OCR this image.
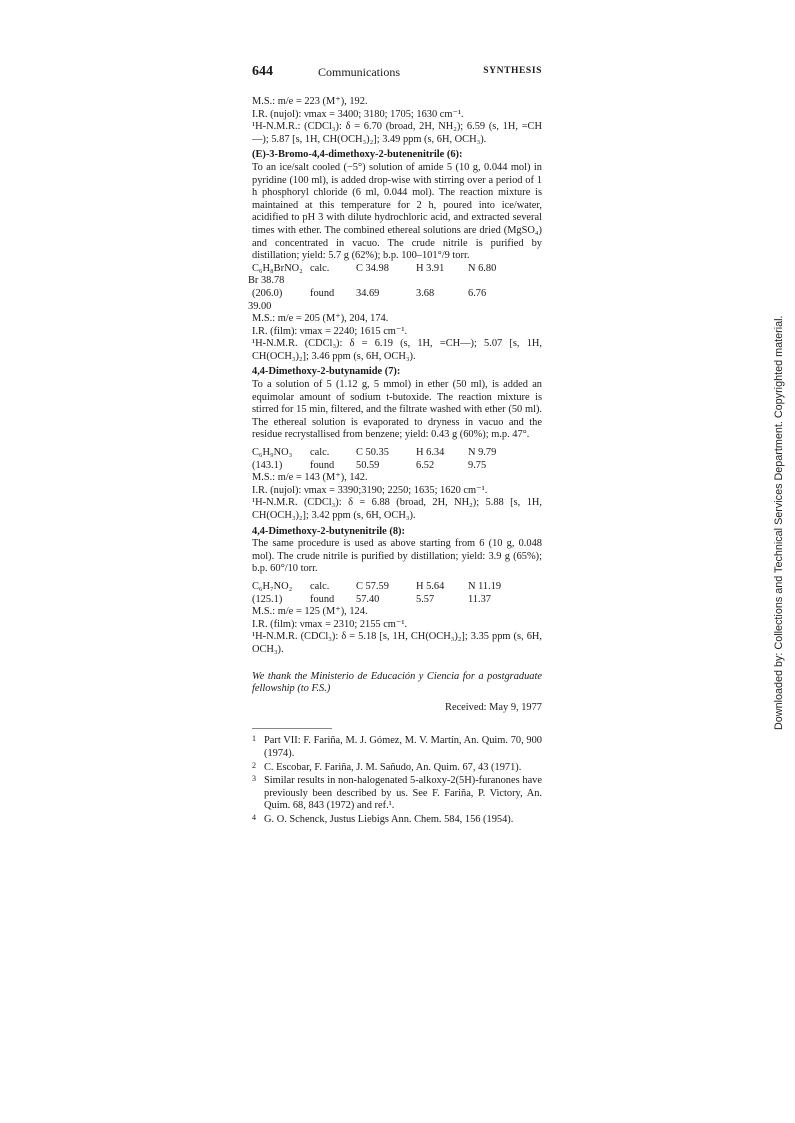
644	Communications	SYNTHESIS

M.S.: m/e = 223 (M⁺), 192.

I.R. (nujol): νmax = 3400; 3180; 1705; 1630 cm⁻¹.

¹H-N.M.R.: (CDCl₃): δ = 6.70 (broad, 2H, NH₂); 6.59 (s, 1H, =CH—); 5.87 [s, 1H, CH(OCH₃)₂]; 3.49 ppm (s, 6H, OCH₃).

(E)-3-Bromo-4,4-dimethoxy-2-butenenitrile (6):

To an ice/salt cooled (−5°) solution of amide 5 (10 g, 0.044 mol) in pyridine (100 ml), is added drop-wise with stirring over a period of 1 h phosphoryl chloride (6 ml, 0.044 mol). The reaction mixture is maintained at this temperature for 2 h, poured into ice/water, acidified to pH 3 with dilute hydrochloric acid, and extracted several times with ether. The combined ethereal solutions are dried (MgSO₄) and concentrated in vacuo. The crude nitrile is purified by distillation; yield: 5.7 g (62%); b.p. 100–101°/9 torr.

C₆H₈BrNO₂ calc.	C 34.98	H 3.91	N 6.80
Br 38.78
(206.0)	found	34.69	3.68	6.76
39.00

M.S.: m/e = 205 (M⁺), 204, 174.

I.R. (film): νmax = 2240; 1615 cm⁻¹.

¹H-N.M.R. (CDCl₃): δ = 6.19 (s, 1H, =CH—); 5.07 [s, 1H, CH(OCH₃)₂]; 3.46 ppm (s, 6H, OCH₃).

4,4-Dimethoxy-2-butynamide (7):

To a solution of 5 (1.12 g, 5 mmol) in ether (50 ml), is added an equimolar amount of sodium t-butoxide. The reaction mixture is stirred for 15 min, filtered, and the filtrate washed with ether (50 ml). The ethereal solution is evaporated to dryness in vacuo and the residue recrystallised from benzene; yield: 0.43 g (60%); m.p. 47°.

C₆H₉NO₃	calc.	C 50.35	H 6.34	N 9.79
(143.1)	found	50.59	6.52	9.75

M.S.: m/e = 143 (M⁺), 142.

I.R. (nujol): νmax = 3390;3190; 2250; 1635; 1620 cm⁻¹.

¹H-N.M.R. (CDCl₃): δ = 6.88 (broad, 2H, NH₂); 5.88 [s, 1H, CH(OCH₃)₂]; 3.42 ppm (s, 6H, OCH₃).

4,4-Dimethoxy-2-butynenitrile (8):

The same procedure is used as above starting from 6 (10 g, 0.048 mol). The crude nitrile is purified by distillation; yield: 3.9 g (65%); b.p. 60°/10 torr.

C₆H₇NO₂	calc.	C 57.59	H 5.64	N 11.19
(125.1)	found	57.40	5.57	11.37

M.S.: m/e = 125 (M⁺), 124.

I.R. (film): νmax = 2310; 2155 cm⁻¹.

¹H-N.M.R. (CDCl₃): δ = 5.18 [s, 1H, CH(OCH₃)₂]; 3.35 ppm (s, 6H, OCH₃).

We thank the Ministerio de Educación y Ciencia for a postgraduate fellowship (to F.S.)

Received: May 9, 1977

1 Part VII: F. Fariña, M. J. Gómez, M. V. Martín, An. Quim. 70, 900 (1974).

2 C. Escobar, F. Fariña, J. M. Sañudo, An. Quim. 67, 43 (1971).

3 Similar results in non-halogenated 5-alkoxy-2(5H)-furanones have previously been described by us. See F. Fariña, P. Victory, An. Quim. 68, 843 (1972) and ref.¹.

4 G. O. Schenck, Justus Liebigs Ann. Chem. 584, 156 (1954).

Downloaded by: Collections and Technical Services Department. Copyrighted material.
